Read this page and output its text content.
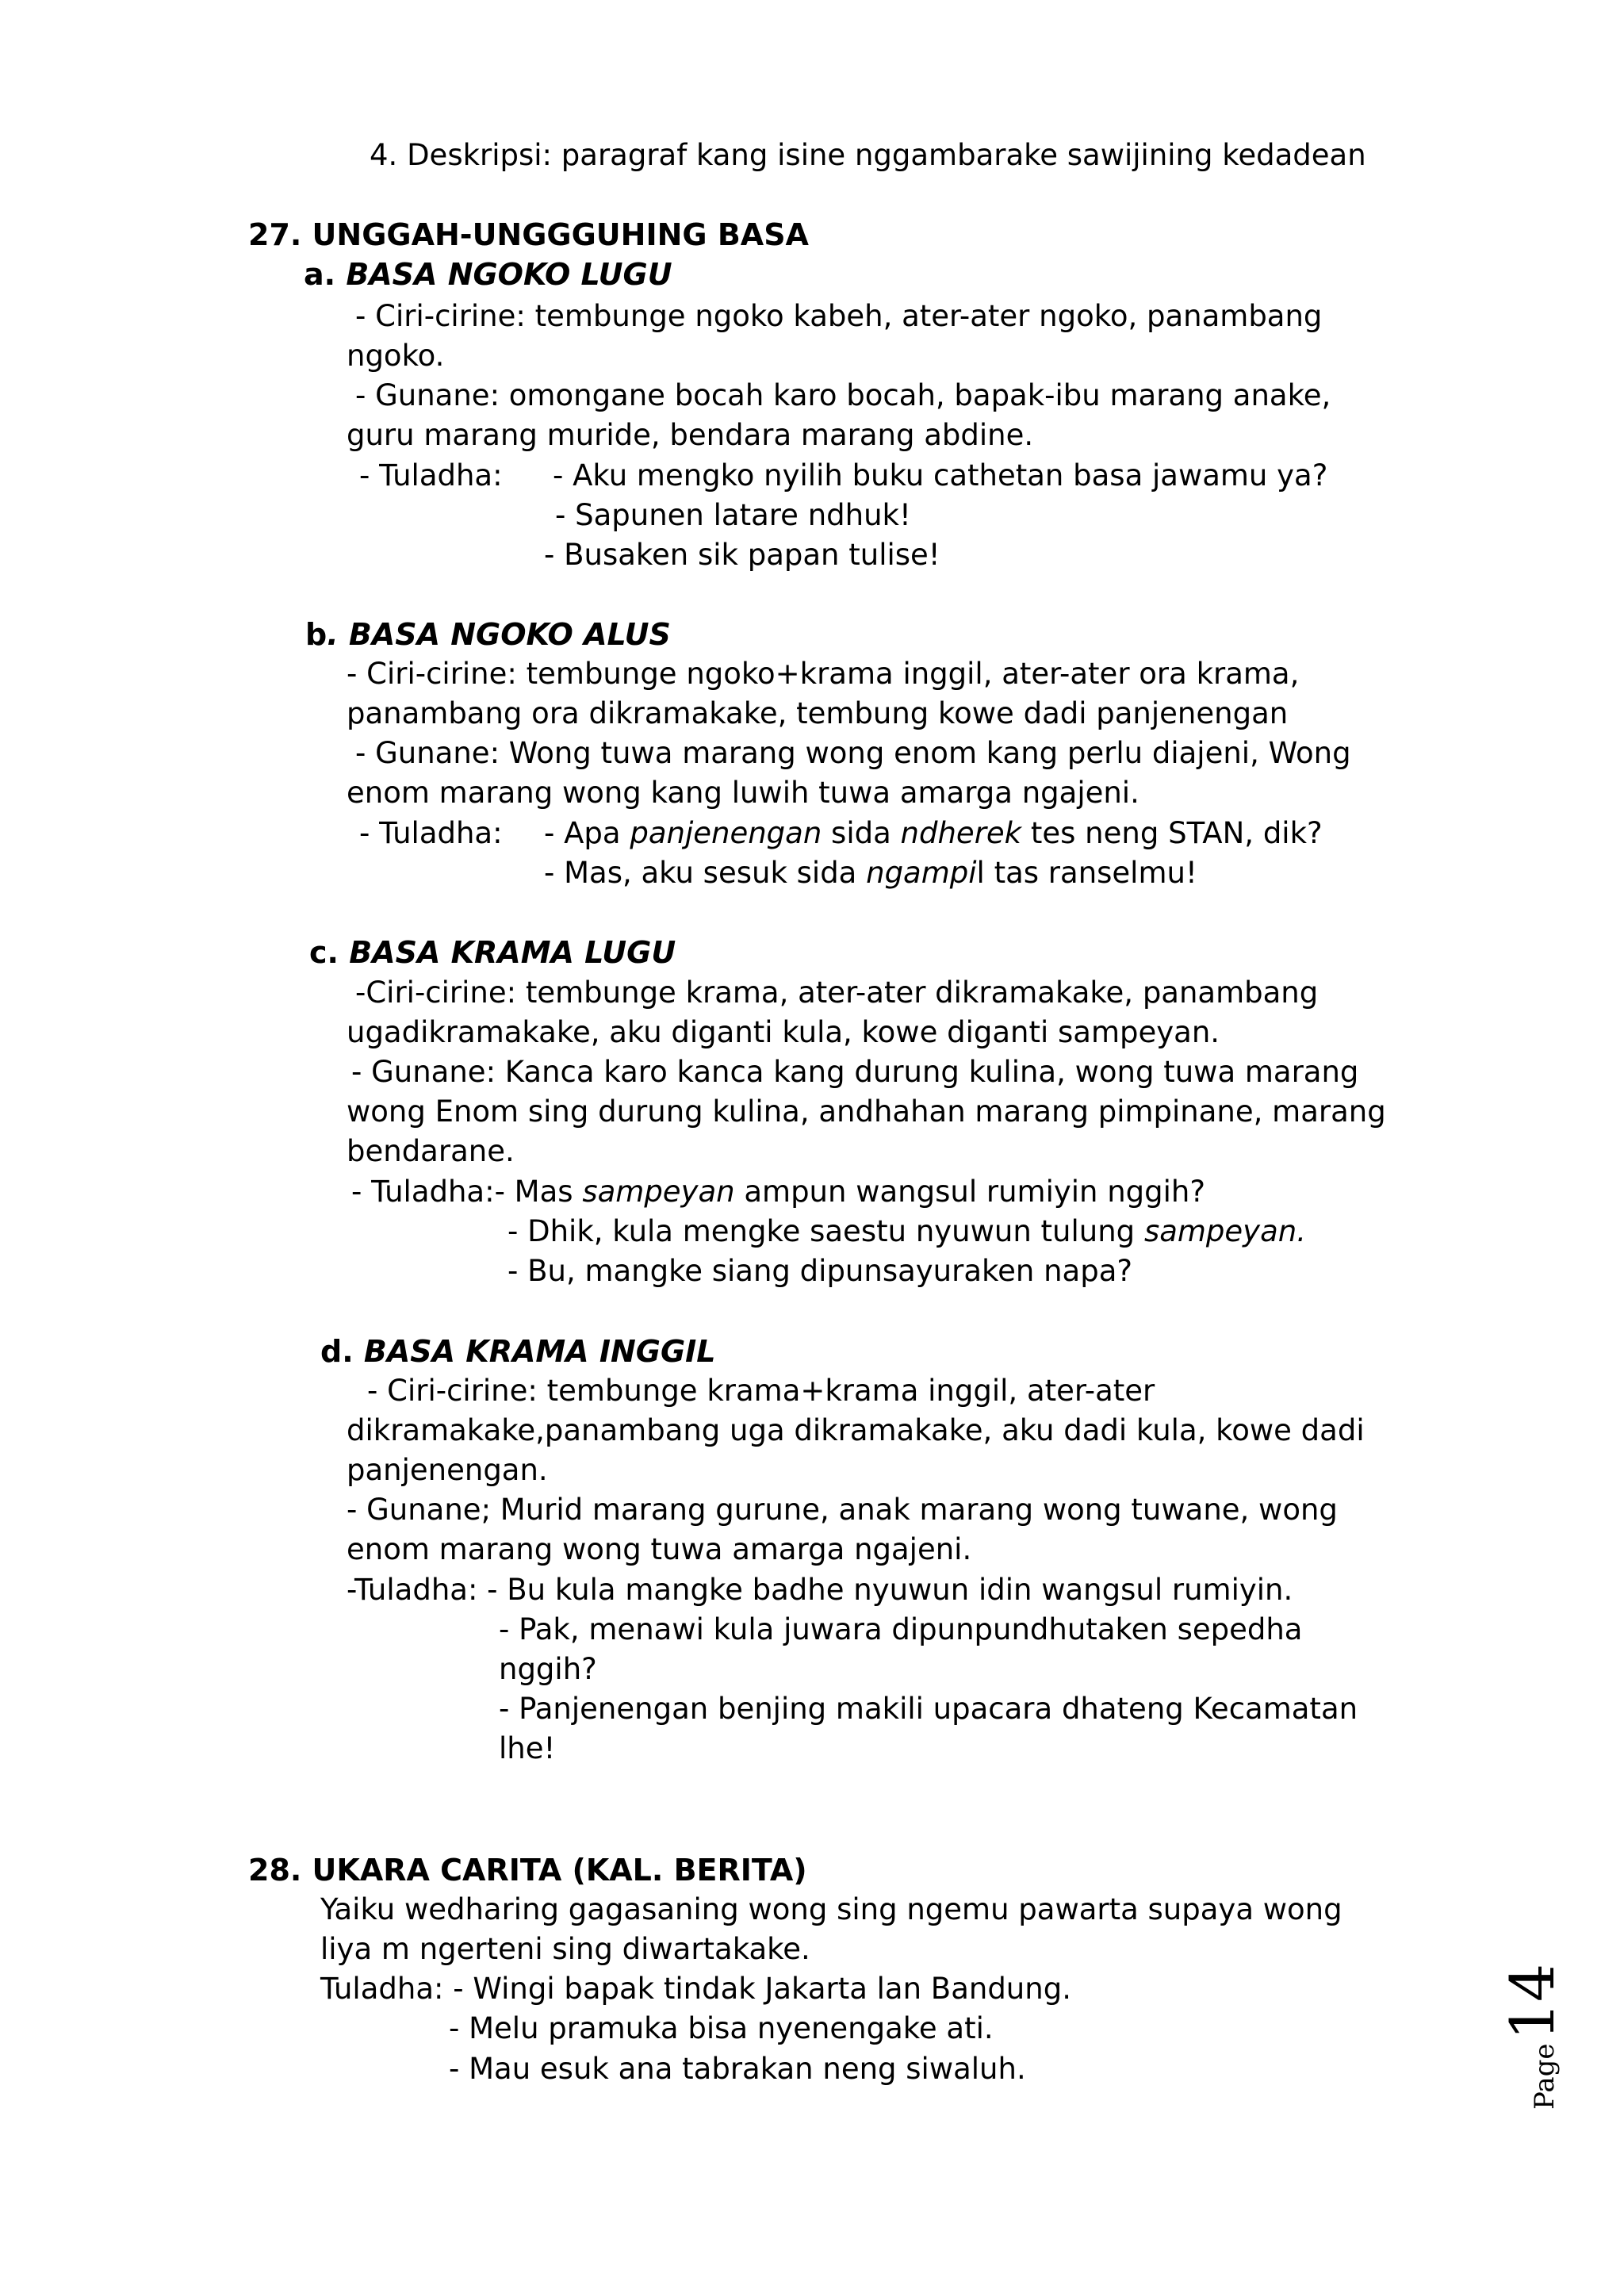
4. Deskripsi: paragraf kang isine nggambarake sawijining kedadean
27. UNGGAH-UNGGGUHING BASA
a. BASA NGOKO LUGU
- Ciri-cirine: tembunge ngoko kabeh, ater-ater ngoko, panambang
ngoko.
- Gunane: omongane bocah karo bocah, bapak-ibu marang anake,
guru marang muride, bendara marang abdine.
- Tuladha: - Aku mengko nyilih buku cathetan basa jawamu ya?
- Sapunen latare ndhuk!
- Busaken sik papan tulise!
b. BASA NGOKO ALUS
- Ciri-cirine: tembunge ngoko+krama inggil, ater-ater ora krama,
panambang ora dikramakake, tembung kowe dadi panjenengan
- Gunane: Wong tuwa marang wong enom kang perlu diajeni, Wong
enom marang wong kang luwih tuwa amarga ngajeni.
- Tuladha: - Apa panjenengan sida ndherek tes neng STAN, dik?
- Mas, aku sesuk sida ngampil tas ranselmu!
c. BASA KRAMA LUGU
-Ciri-cirine: tembunge krama, ater-ater dikramakake, panambang
ugadikramakake, aku diganti kula, kowe diganti sampeyan.
- Gunane: Kanca karo kanca kang durung kulina, wong tuwa marang
wong Enom sing durung kulina, andhahan marang pimpinane, marang
bendarane.
- Tuladha:- Mas sampeyan ampun wangsul rumiyin nggih?
- Dhik, kula mengke saestu nyuwun tulung sampeyan.
- Bu, mangke siang dipunsayuraken napa?
d. BASA KRAMA INGGIL
- Ciri-cirine: tembunge krama+krama inggil, ater-ater
dikramakake,panambang uga dikramakake, aku dadi kula, kowe dadi
panjenengan.
- Gunane; Murid marang gurune, anak marang wong tuwane, wong
enom marang wong tuwa amarga ngajeni.
-Tuladha: - Bu kula mangke badhe nyuwun idin wangsul rumiyin.
- Pak, menawi kula juwara dipunpundhutaken sepedha
nggih?
- Panjenengan benjing makili upacara dhateng Kecamatan
lhe!
28. UKARA CARITA (KAL. BERITA)
Yaiku wedharing gagasaning wong sing ngemu pawarta supaya wong
liya m ngerteni sing diwartakake.
Tuladha: - Wingi bapak tindak Jakarta lan Bandung.
- Melu pramuka bisa nyenengake ati.
- Mau esuk ana tabrakan neng siwaluh.	Page14
